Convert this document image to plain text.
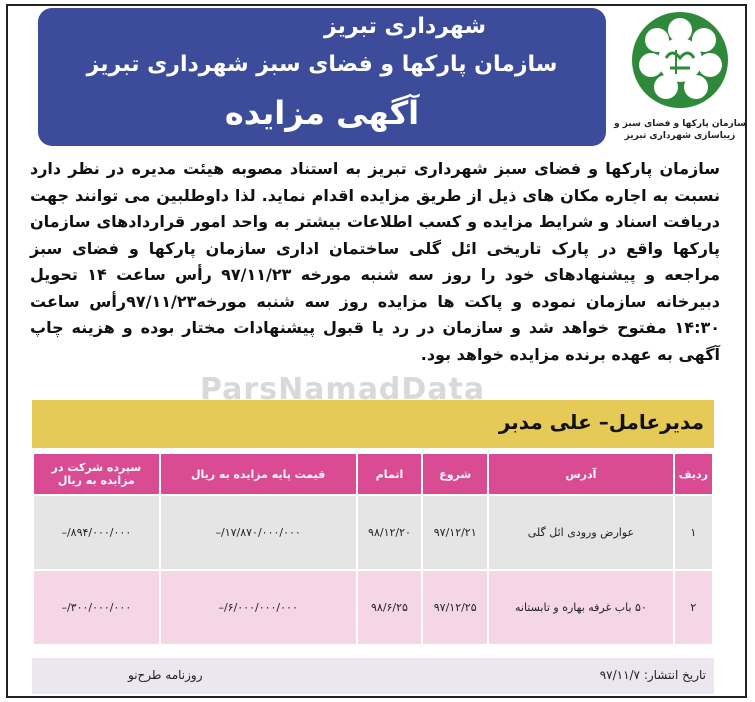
شهرداری تبریز
سازمان پارکها و فضای سبز شهرداری تبریز
آگهی مزایده	سازمان پارکها و فضای سبز و
زیباسازی شهرداری تبریز
سازمان پارکها و فضای سبز شهرداری تبریز به استناد مصوبه هیئت مدیره در نظر دارد نسبت به اجاره مکان های ذیل از طریق مزایده اقدام نماید. لذا داوطلبین می توانند جهت دریافت اسناد و شرایط مزایده و کسب اطلاعات بیشتر به واحد امور قراردادهای سازمان پارکها واقع در پارک تاریخی ائل گلی ساختمان اداری سازمان پارکها و فضای سبز مراجعه و پیشنهادهای خود را روز سه شنبه مورخه ۹۷/۱۱/۲۳ رأس ساعت ۱۴ تحویل دبیرخانه سازمان نموده و پاکت ها مزایده روز سه شنبه مورخه۹۷/۱۱/۲۳رأس ساعت ۱۴:۳۰ مفتوح خواهد شد و سازمان در رد یا قبول پیشنهادات مختار بوده و هزینه چاپ آگهی به عهده برنده مزایده خواهد بود.
مدیرعامل– علی مدبر
ParsNamadData
ردیف	آدرس	شروع	اتمام	قیمت پایه مزایده به ریال	سپرده شرکت در مزایده به ریال
۱	عوارض ورودی ائل گلی	۹۷/۱۲/۲۱	۹۸/۱۲/۲۰	۱۷/۸۷۰/۰۰۰/۰۰۰/–	۸۹۴/۰۰۰/۰۰۰/–
۲	۵۰ باب غرفه بهاره و تابستانه	۹۷/۱۲/۲۵	۹۸/۶/۲۵	۶/۰۰۰/۰۰۰/۰۰۰/–	۳۰۰/۰۰۰/۰۰۰/–
تاریخ انتشار: ۹۷/۱۱/۷
روزنامه طرح‌نو
